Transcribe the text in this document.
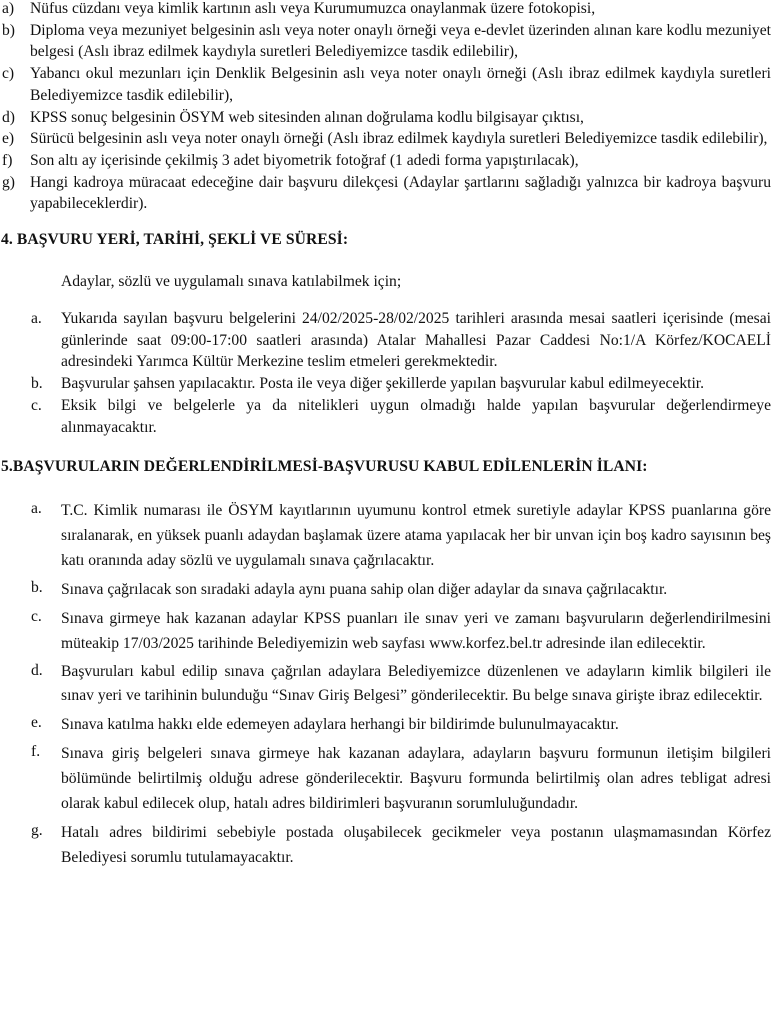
a)	Nüfus cüzdanı veya kimlik kartının aslı veya Kurumumuzca onaylanmak üzere fotokopisi,
b) Diploma veya mezuniyet belgesinin aslı veya noter onaylı örneği veya e-devlet üzerinden alınan kare kodlu mezuniyet belgesi (Aslı ibraz edilmek kaydıyla suretleri Belediyemizce tasdik edilebilir),
c)	Yabancı okul mezunları için Denklik Belgesinin aslı veya noter onaylı örneği (Aslı ibraz edilmek kaydıyla suretleri Belediyemizce tasdik edilebilir),
d) KPSS sonuç belgesinin ÖSYM web sitesinden alınan doğrulama kodlu bilgisayar çıktısı,
e)	Sürücü belgesinin aslı veya noter onaylı örneği (Aslı ibraz edilmek kaydıyla suretleri Belediyemizce tasdik edilebilir),
f)	Son altı ay içerisinde çekilmiş 3 adet biyometrik fotoğraf (1 adedi forma yapıştırılacak),
g) Hangi kadroya müracaat edeceğine dair başvuru dilekçesi (Adaylar şartlarını sağladığı yalnızca bir kadroya başvuru yapabileceklerdir).

4. BAŞVURU YERİ, TARİHİ, ŞEKLİ VE SÜRESİ:

Adaylar, sözlü ve uygulamalı sınava katılabilmek için;

a.	Yukarıda sayılan başvuru belgelerini 24/02/2025-28/02/2025 tarihleri arasında mesai saatleri içerisinde (mesai günlerinde saat 09:00-17:00 saatleri arasında) Atalar Mahallesi Pazar Caddesi No:1/A Körfez/KOCAELİ adresindeki Yarımca Kültür Merkezine teslim etmeleri gerekmektedir.
b.	Başvurular şahsen yapılacaktır. Posta ile veya diğer şekillerde yapılan başvurular kabul edilmeyecektir.
c.	Eksik bilgi ve belgelerle ya da nitelikleri uygun olmadığı halde yapılan başvurular değerlendirmeye alınmayacaktır.

5.BAŞVURULARIN DEĞERLENDİRİLMESİ-BAŞVURUSU KABUL EDİLENLERİN İLANI:

a.	T.C. Kimlik numarası ile ÖSYM kayıtlarının uyumunu kontrol etmek suretiyle adaylar KPSS puanlarına göre sıralanarak, en yüksek puanlı adaydan başlamak üzere atama yapılacak her bir unvan için boş kadro sayısının beş katı oranında aday sözlü ve uygulamalı sınava çağrılacaktır.
b.	Sınava çağrılacak son sıradaki adayla aynı puana sahip olan diğer adaylar da sınava çağrılacaktır.
c.	Sınava girmeye hak kazanan adaylar KPSS puanları ile sınav yeri ve zamanı başvuruların değerlendirilmesini müteakip 17/03/2025 tarihinde Belediyemizin web sayfası www.korfez.bel.tr adresinde ilan edilecektir.
d.	Başvuruları kabul edilip sınava çağrılan adaylara Belediyemizce düzenlenen ve adayların kimlik bilgileri ile sınav yeri ve tarihinin bulunduğu “Sınav Giriş Belgesi” gönderilecektir. Bu belge sınava girişte ibraz edilecektir.
e.	Sınava katılma hakkı elde edemeyen adaylara herhangi bir bildirimde bulunulmayacaktır.
f.	Sınava giriş belgeleri sınava girmeye hak kazanan adaylara, adayların başvuru formunun iletişim bilgileri bölümünde belirtilmiş olduğu adrese gönderilecektir. Başvuru formunda belirtilmiş olan adres tebligat adresi olarak kabul edilecek olup, hatalı adres bildirimleri başvuranın sorumluluğundadır.
g.	Hatalı adres bildirimi sebebiyle postada oluşabilecek gecikmeler veya postanın ulaşmamasından Körfez Belediyesi sorumlu tutulamayacaktır.
